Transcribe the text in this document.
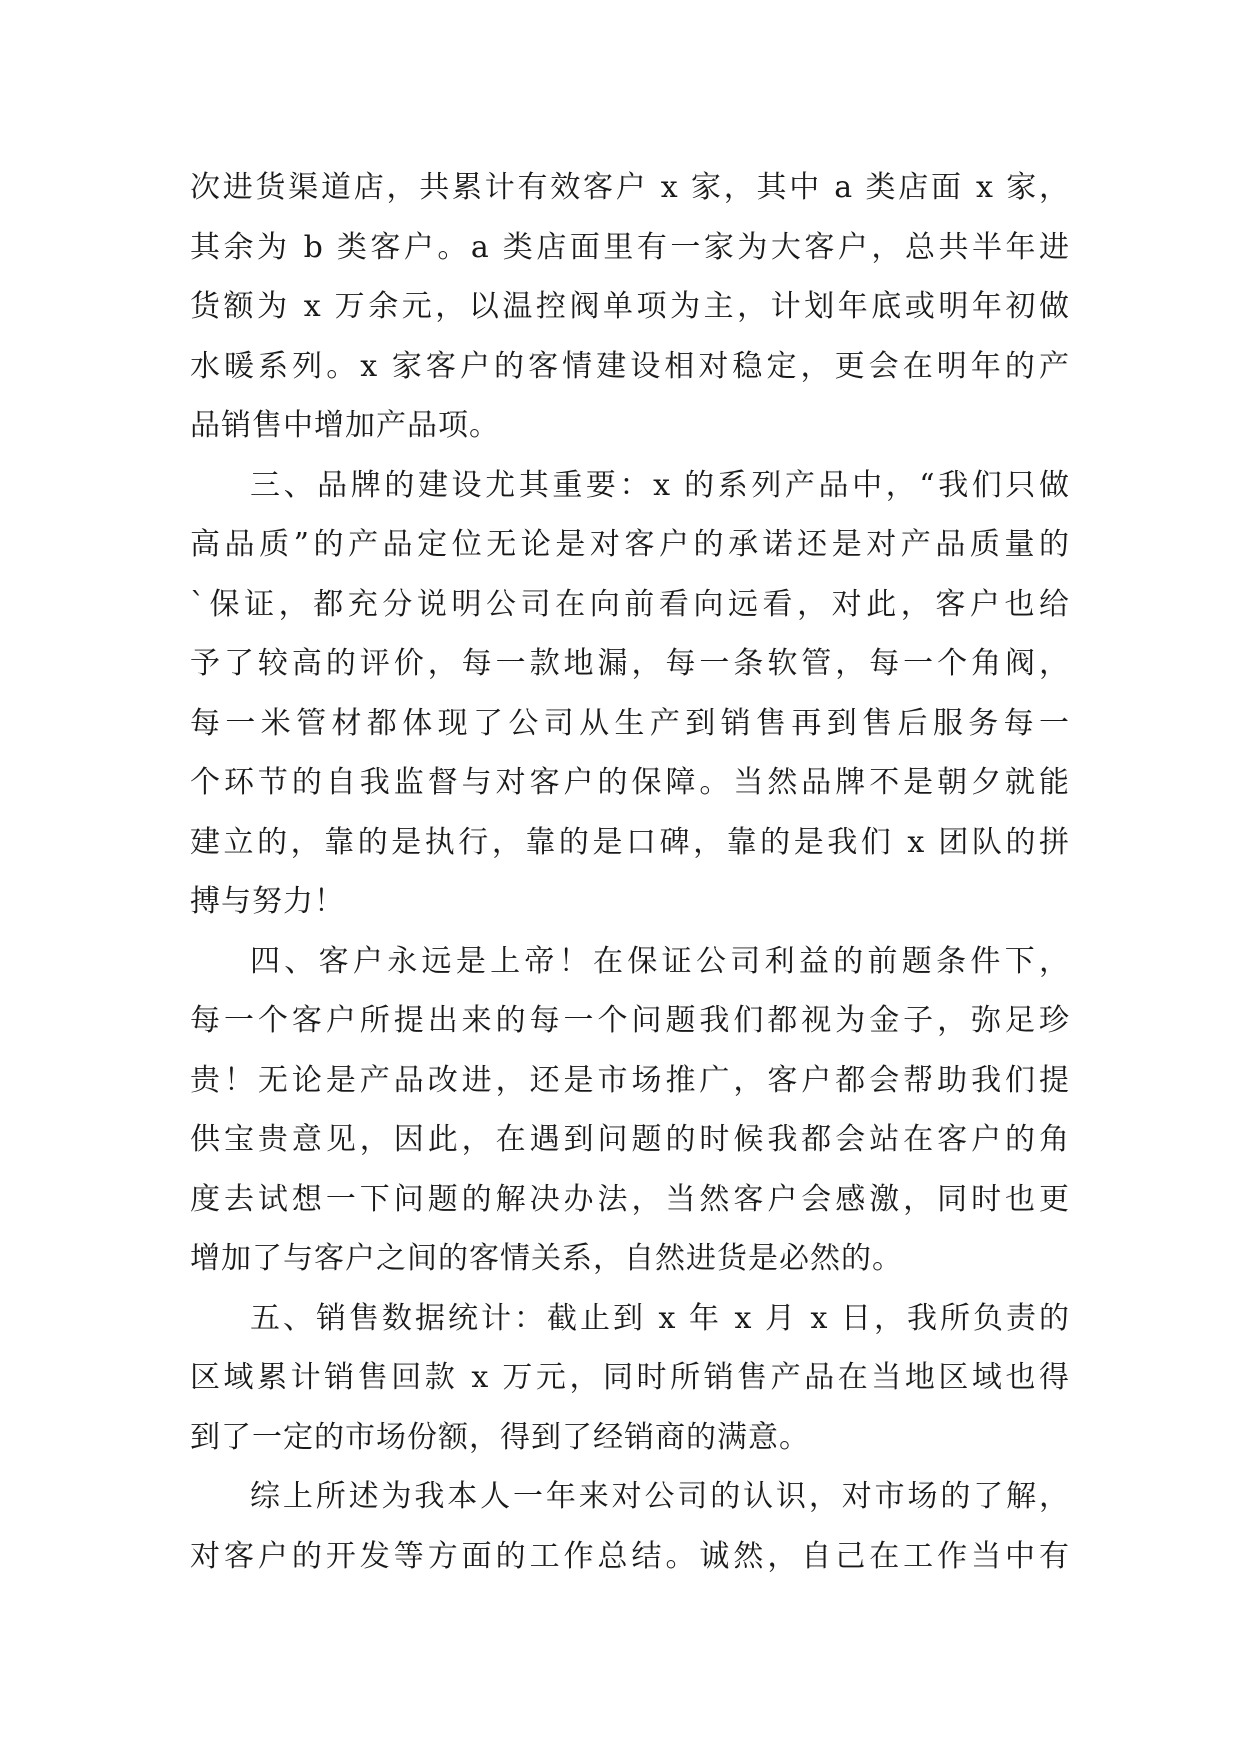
次进货渠道店，共累计有效客户 x 家，其中 a 类店面 x 家，
其余为 b 类客户。a 类店面里有一家为大客户，总共半年进
货额为 x 万余元，以温控阀单项为主，计划年底或明年初做
水暖系列。x 家客户的客情建设相对稳定，更会在明年的产
品销售中增加产品项。
三、品牌的建设尤其重要：x 的系列产品中，“我们只做
高品质”的产品定位无论是对客户的承诺还是对产品质量的
`保证，都充分说明公司在向前看向远看，对此，客户也给
予了较高的评价，每一款地漏，每一条软管，每一个角阀，
每一米管材都体现了公司从生产到销售再到售后服务每一
个环节的自我监督与对客户的保障。当然品牌不是朝夕就能
建立的，靠的是执行，靠的是口碑，靠的是我们 x 团队的拼
搏与努力！
四、客户永远是上帝！在保证公司利益的前题条件下，
每一个客户所提出来的每一个问题我们都视为金子，弥足珍
贵！无论是产品改进，还是市场推广，客户都会帮助我们提
供宝贵意见，因此，在遇到问题的时候我都会站在客户的角
度去试想一下问题的解决办法，当然客户会感激，同时也更
增加了与客户之间的客情关系，自然进货是必然的。
五、销售数据统计：截止到 x 年 x 月 x 日，我所负责的
区域累计销售回款 x 万元，同时所销售产品在当地区域也得
到了一定的市场份额，得到了经销商的满意。
综上所述为我本人一年来对公司的认识，对市场的了解，
对客户的开发等方面的工作总结。诚然，自己在工作当中有
